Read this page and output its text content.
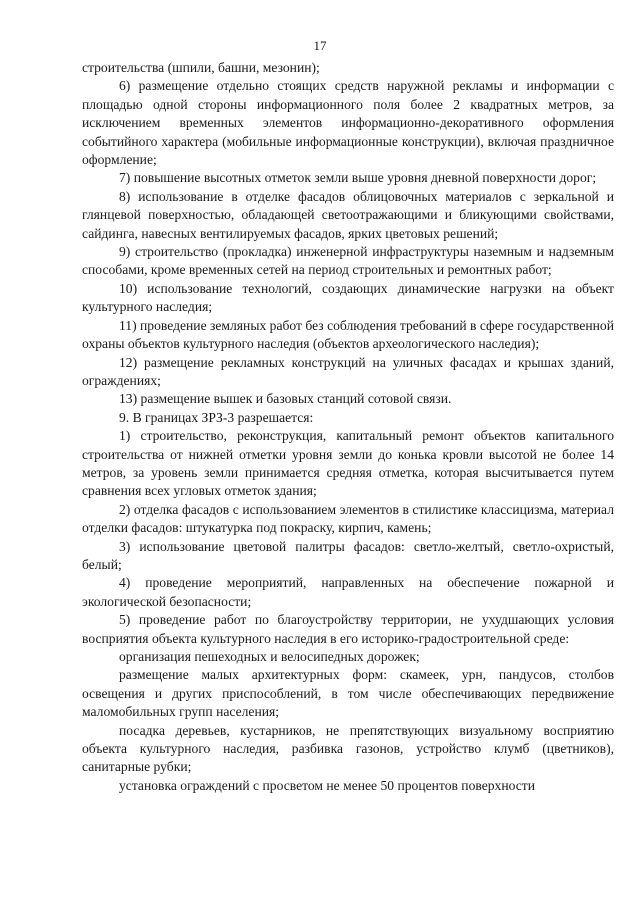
17

строительства (шпили, башни, мезонин);

6) размещение отдельно стоящих средств наружной рекламы и информации с площадью одной стороны информационного поля более 2 квадратных метров, за исключением временных элементов информационно-декоративного оформления событийного характера (мобильные информационные конструкции), включая праздничное оформление;

7) повышение высотных отметок земли выше уровня дневной поверхности дорог;

8) использование в отделке фасадов облицовочных материалов с зеркальной и глянцевой поверхностью, обладающей светоотражающими и бликующими свойствами, сайдинга, навесных вентилируемых фасадов, ярких цветовых решений;

9) строительство (прокладка) инженерной инфраструктуры наземным и надземным способами, кроме временных сетей на период строительных и ремонтных работ;

10) использование технологий, создающих динамические нагрузки на объект культурного наследия;

11) проведение земляных работ без соблюдения требований в сфере государственной охраны объектов культурного наследия (объектов археологического наследия);

12) размещение рекламных конструкций на уличных фасадах и крышах зданий, ограждениях;

13) размещение вышек и базовых станций сотовой связи.

9. В границах ЗРЗ-3 разрешается:

1) строительство, реконструкция, капитальный ремонт объектов капитального строительства от нижней отметки уровня земли до конька кровли высотой не более 14 метров, за уровень земли принимается средняя отметка, которая высчитывается путем сравнения всех угловых отметок здания;

2) отделка фасадов с использованием элементов в стилистике классицизма, материал отделки фасадов: штукатурка под покраску, кирпич, камень;

3) использование цветовой палитры фасадов: светло-желтый, светло-охристый, белый;

4) проведение мероприятий, направленных на обеспечение пожарной и экологической безопасности;

5) проведение работ по благоустройству территории, не ухудшающих условия восприятия объекта культурного наследия в его историко-градостроительной среде:

организация пешеходных и велосипедных дорожек;

размещение малых архитектурных форм: скамеек, урн, пандусов, столбов освещения и других приспособлений, в том числе обеспечивающих передвижение маломобильных групп населения;

посадка деревьев, кустарников, не препятствующих визуальному восприятию объекта культурного наследия, разбивка газонов, устройство клумб (цветников), санитарные рубки;

установка ограждений с просветом не менее 50 процентов поверхности
